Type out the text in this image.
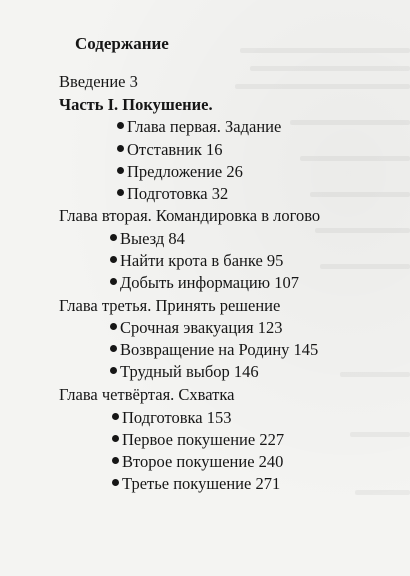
Содержание
Введение 3
Часть I. Покушение.
Глава первая. Задание
Отставник 16
Предложение 26
Подготовка 32
Глава вторая. Командировка в логово
Выезд 84
Найти крота в банке 95
Добыть информацию 107
Глава третья. Принять решение
Срочная эвакуация 123
Возвращение на Родину 145
Трудный выбор 146
Глава четвёртая. Схватка
Подготовка 153
Первое покушение 227
Второе покушение 240
Третье покушение 271
